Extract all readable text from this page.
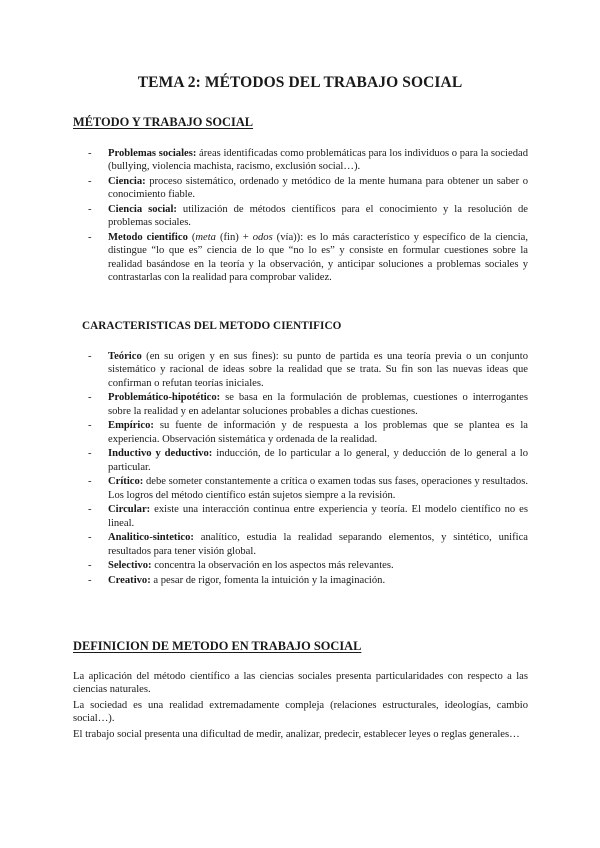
TEMA 2: MÉTODOS DEL TRABAJO SOCIAL
MÉTODO Y TRABAJO SOCIAL
- Problemas sociales: áreas identificadas como problemáticas para los individuos o para la sociedad (bullying, violencia machista, racismo, exclusión social…).
- Ciencia: proceso sistemático, ordenado y metódico de la mente humana para obtener un saber o conocimiento fiable.
- Ciencia social: utilización de métodos científicos para el conocimiento y la resolución de problemas sociales.
- Metodo cientifico (meta (fin) + odos (vía)): es lo más característico y específico de la ciencia, distingue “lo que es” ciencia de lo que “no lo es” y consiste en formular cuestiones sobre la realidad basándose en la teoría y la observación, y anticipar soluciones a problemas sociales y contrastarlas con la realidad para comprobar validez.
CARACTERISTICAS DEL METODO CIENTIFICO
- Teórico (en su origen y en sus fines): su punto de partida es una teoría previa o un conjunto sistemático y racional de ideas sobre la realidad que se trata. Su fin son las nuevas ideas que confirman o refutan teorías iniciales.
- Problemático-hipotético: se basa en la formulación de problemas, cuestiones o interrogantes sobre la realidad y en adelantar soluciones probables a dichas cuestiones.
- Empírico: su fuente de información y de respuesta a los problemas que se plantea es la experiencia. Observación sistemática y ordenada de la realidad.
- Inductivo y deductivo: inducción, de lo particular a lo general, y deducción de lo general a lo particular.
- Crítico: debe someter constantemente a crítica o examen todas sus fases, operaciones y resultados. Los logros del método científico están sujetos siempre a la revisión.
- Circular: existe una interacción continua entre experiencia y teoría. El modelo científico no es lineal.
- Analitico-sintetico: analítico, estudia la realidad separando elementos, y sintético, unifica resultados para tener visión global.
- Selectivo: concentra la observación en los aspectos más relevantes.
- Creativo: a pesar de rigor, fomenta la intuición y la imaginación.
DEFINICION DE METODO EN TRABAJO SOCIAL

La aplicación del método científico a las ciencias sociales presenta particularidades con respecto a las ciencias naturales.

La sociedad es una realidad extremadamente compleja (relaciones estructurales, ideologías, cambio social…).

El trabajo social presenta una dificultad de medir, analizar, predecir, establecer leyes o reglas generales…
